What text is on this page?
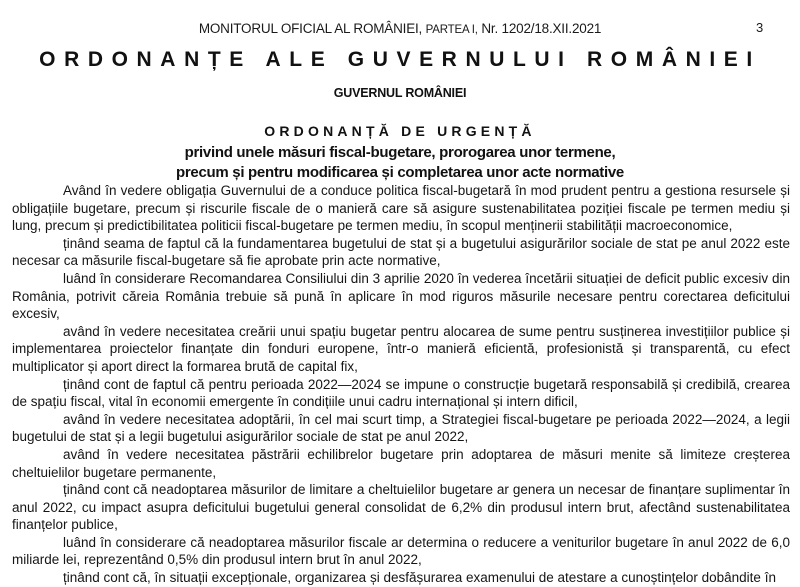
MONITORUL OFICIAL AL ROMÂNIEI, PARTEA I, Nr. 1202/18.XII.2021	3
ORDONANȚE ALE GUVERNULUI ROMÂNIEI
GUVERNUL ROMÂNIEI
ORDONANȚĂ DE URGENȚĂ
privind unele măsuri fiscal-bugetare, prorogarea unor termene,
precum și pentru modificarea și completarea unor acte normative

Având în vedere obligația Guvernului de a conduce politica fiscal-bugetară în mod prudent pentru a gestiona resursele și obligațiile bugetare, precum și riscurile fiscale de o manieră care să asigure sustenabilitatea poziției fiscale pe termen mediu și lung, precum și predictibilitatea politicii fiscal-bugetare pe termen mediu, în scopul menținerii stabilității macroeconomice,

ținând seama de faptul că la fundamentarea bugetului de stat și a bugetului asigurărilor sociale de stat pe anul 2022 este necesar ca măsurile fiscal-bugetare să fie aprobate prin acte normative,

luând în considerare Recomandarea Consiliului din 3 aprilie 2020 în vederea încetării situației de deficit public excesiv din România, potrivit căreia România trebuie să pună în aplicare în mod riguros măsurile necesare pentru corectarea deficitului excesiv,

având în vedere necesitatea creării unui spațiu bugetar pentru alocarea de sume pentru susținerea investițiilor publice și implementarea proiectelor finanțate din fonduri europene, într-o manieră eficientă, profesionistă și transparentă, cu efect multiplicator și aport direct la formarea brută de capital fix,

ținând cont de faptul că pentru perioada 2022—2024 se impune o construcție bugetară responsabilă și credibilă, crearea de spațiu fiscal, vital în economii emergente în condițiile unui cadru internațional și intern dificil,

având în vedere necesitatea adoptării, în cel mai scurt timp, a Strategiei fiscal-bugetare pe perioada 2022—2024, a legii bugetului de stat și a legii bugetului asigurărilor sociale de stat pe anul 2022,

având în vedere necesitatea păstrării echilibrelor bugetare prin adoptarea de măsuri menite să limiteze creșterea cheltuielilor bugetare permanente,

ținând cont că neadoptarea măsurilor de limitare a cheltuielilor bugetare ar genera un necesar de finanțare suplimentar în anul 2022, cu impact asupra deficitului bugetului general consolidat de 6,2% din produsul intern brut, afectând sustenabilitatea finanțelor publice,

luând în considerare că neadoptarea măsurilor fiscale ar determina o reducere a veniturilor bugetare în anul 2022 de 6,0 miliarde lei, reprezentând 0,5% din produsul intern brut în anul 2022,

ținând cont că, în situații excepționale, organizarea și desfășurarea examenului de atestare a cunoștințelor dobândite în
